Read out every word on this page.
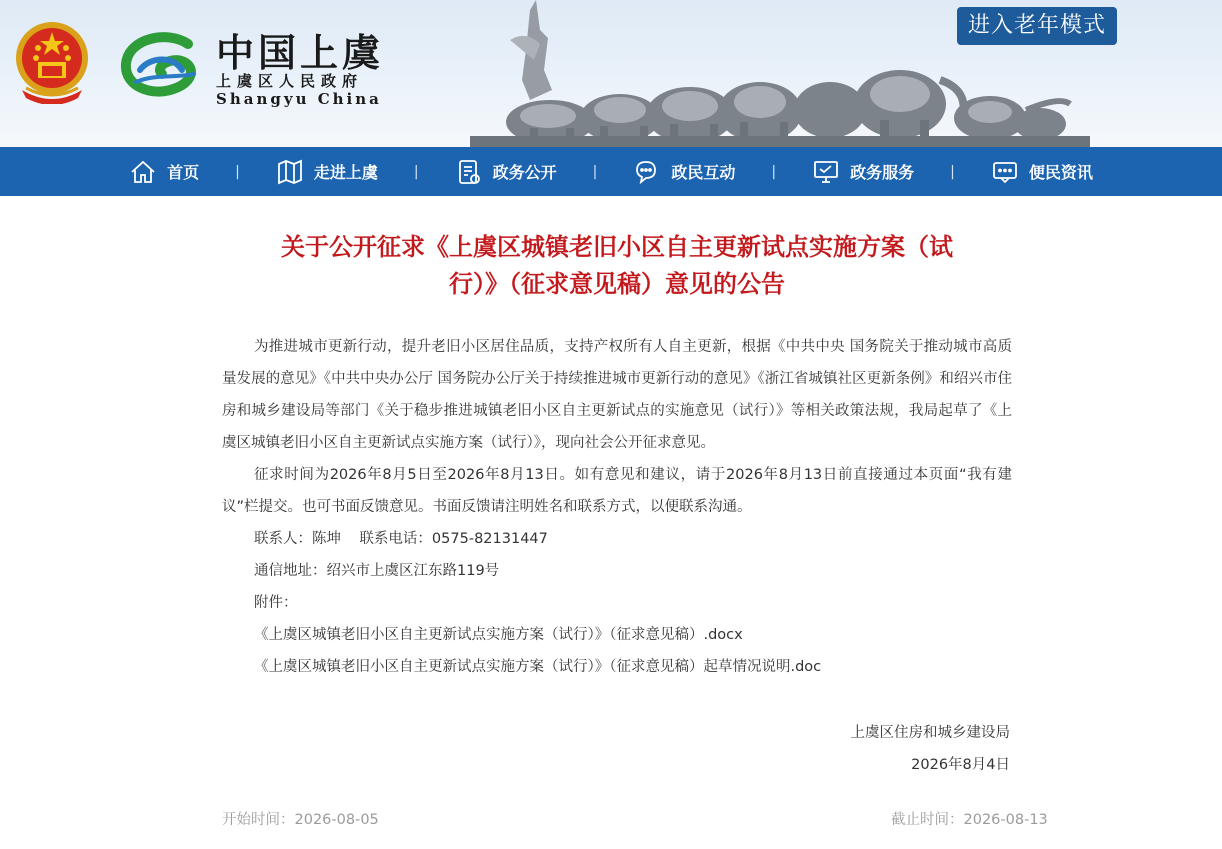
中国上虞
上虞区人民政府
Shangyu China
进入老年模式
首页	|	走进上虞	|	政务公开	|	政民互动	|	政务服务	|	便民资讯
关于公开征求《上虞区城镇老旧小区自主更新试点实施方案（试
行）》（征求意见稿）意见的公告

为推进城市更新行动，提升老旧小区居住品质，支持产权所有人自主更新，根据《中共中央 国务院关于推动城市高质量发展的意见》《中共中央办公厅 国务院办公厅关于持续推进城市更新行动的意见》《浙江省城镇社区更新条例》和绍兴市住房和城乡建设局等部门《关于稳步推进城镇老旧小区自主更新试点的实施意见（试行）》等相关政策法规，我局起草了《上虞区城镇老旧小区自主更新试点实施方案（试行）》，现向社会公开征求意见。

征求时间为2026年8月5日至2026年8月13日。如有意见和建议，请于2026年8月13日前直接通过本页面“我有建议”栏提交。也可书面反馈意见。书面反馈请注明姓名和联系方式，以便联系沟通。

联系人：陈坤    联系电话：0575-82131447

通信地址：绍兴市上虞区江东路119号

附件：

《上虞区城镇老旧小区自主更新试点实施方案（试行）》（征求意见稿）.docx

《上虞区城镇老旧小区自主更新试点实施方案（试行）》（征求意见稿）起草情况说明.doc

上虞区住房和城乡建设局

2026年8月4日

开始时间：2026-08-05	截止时间：2026-08-13
